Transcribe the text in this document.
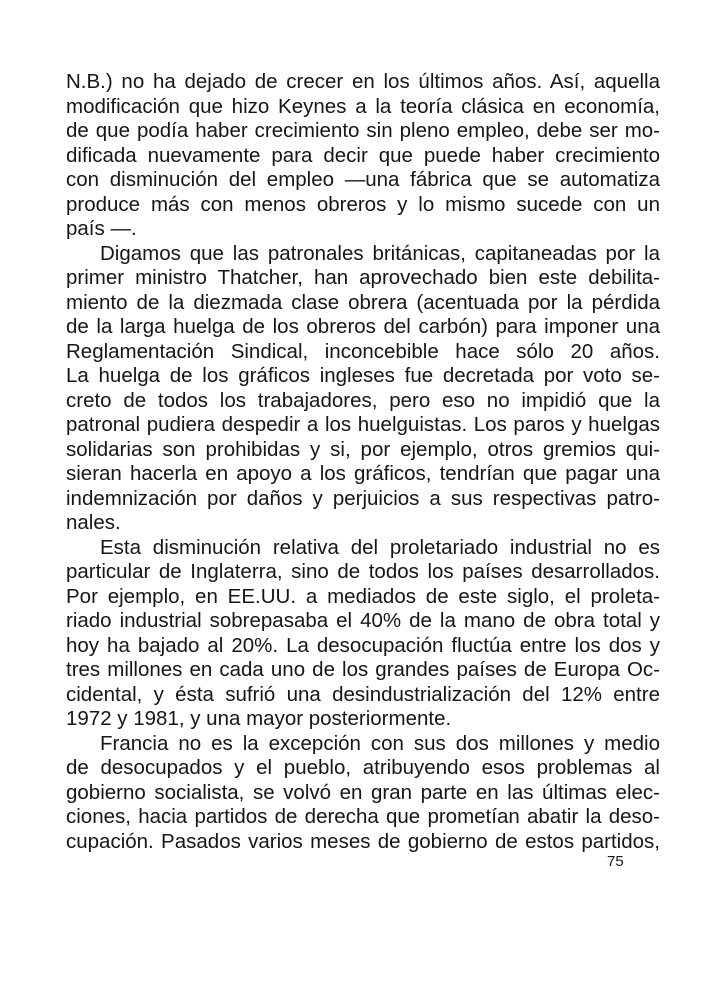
N.B.) no ha dejado de crecer en los últimos años. Así, aquella
modificación que hizo Keynes a la teoría clásica en economía,
de que podía haber crecimiento sin pleno empleo, debe ser mo-
dificada nuevamente para decir que puede haber crecimiento
con disminución del empleo —una fábrica que se automatiza
produce más con menos obreros y lo mismo sucede con un
país —.
Digamos que las patronales británicas, capitaneadas por la
primer ministro Thatcher, han aprovechado bien este debilita-
miento de la diezmada clase obrera (acentuada por la pérdida
de la larga huelga de los obreros del carbón) para imponer una
Reglamentación Sindical, inconcebible hace sólo 20 años.
La huelga de los gráficos ingleses fue decretada por voto se-
creto de todos los trabajadores, pero eso no impidió que la
patronal pudiera despedir a los huelguistas. Los paros y huelgas
solidarias son prohibidas y si, por ejemplo, otros gremios qui-
sieran hacerla en apoyo a los gráficos, tendrían que pagar una
indemnización por daños y perjuicios a sus respectivas patro-
nales.
Esta disminución relativa del proletariado industrial no es
particular de Inglaterra, sino de todos los países desarrollados.
Por ejemplo, en EE.UU. a mediados de este siglo, el proleta-
riado industrial sobrepasaba el 40% de la mano de obra total y
hoy ha bajado al 20%. La desocupación fluctúa entre los dos y
tres millones en cada uno de los grandes países de Europa Oc-
cidental, y ésta sufrió una desindustrialización del 12% entre
1972 y 1981, y una mayor posteriormente.
Francia no es la excepción con sus dos millones y medio
de desocupados y el pueblo, atribuyendo esos problemas al
gobierno socialista, se volvó en gran parte en las últimas elec-
ciones, hacia partidos de derecha que prometían abatir la deso-
cupación. Pasados varios meses de gobierno de estos partidos,
75
